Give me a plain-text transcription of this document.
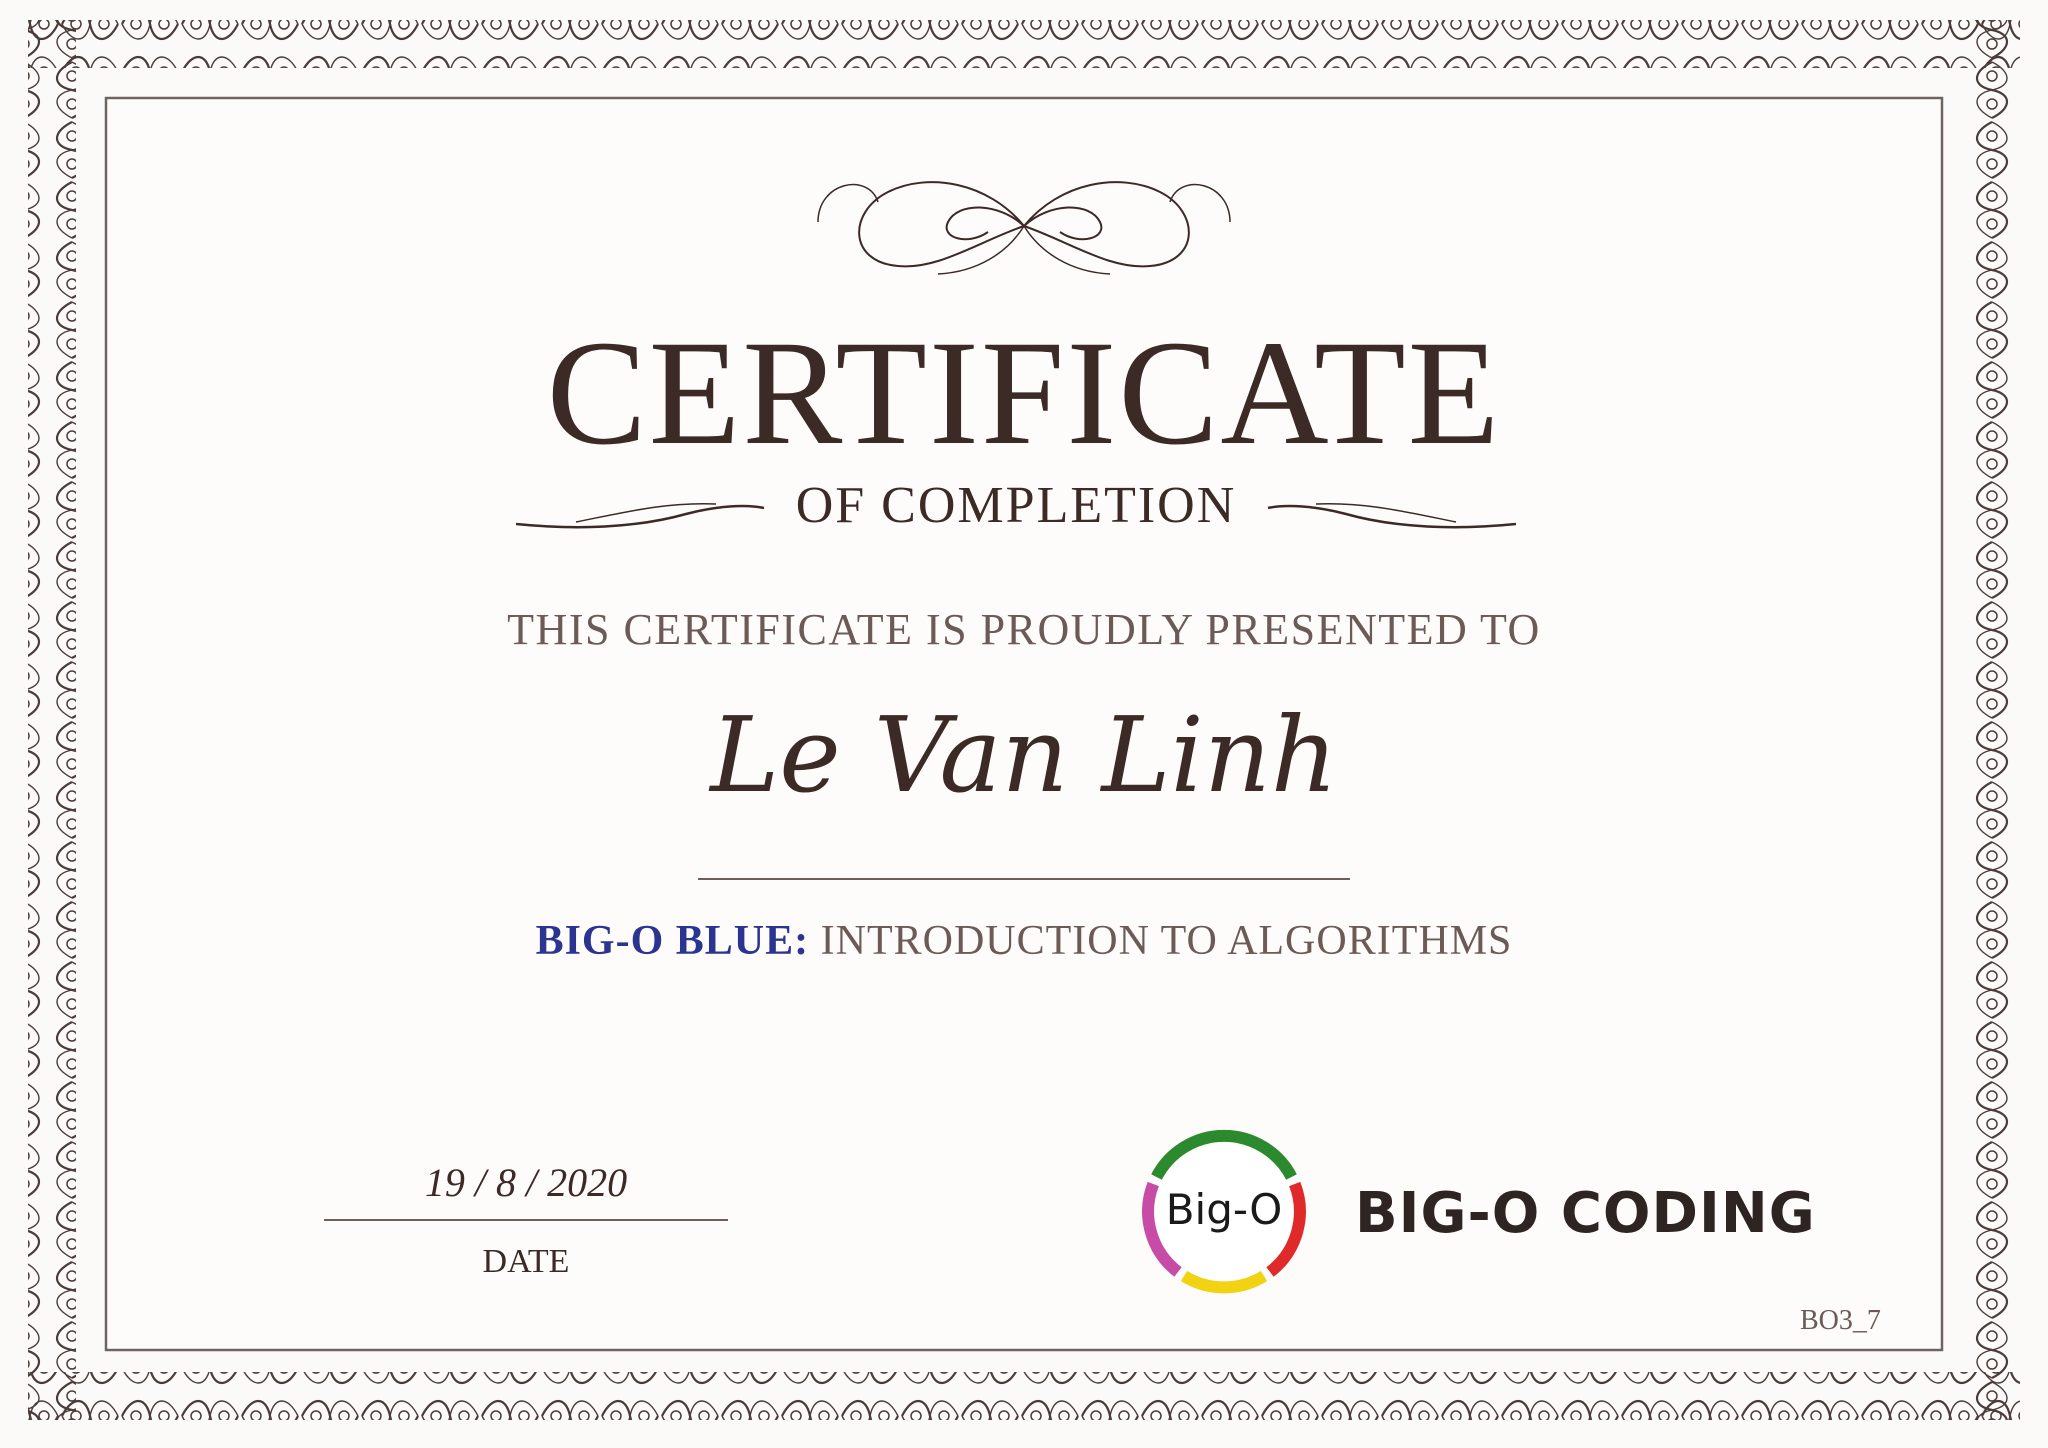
CERTIFICATE
OF COMPLETION
THIS CERTIFICATE IS PROUDLY PRESENTED TO
Le Van Linh
BIG-O BLUE: INTRODUCTION TO ALGORITHMS
19 / 8 / 2020
DATE
Big-O BIG-O CODING
BO3_7
